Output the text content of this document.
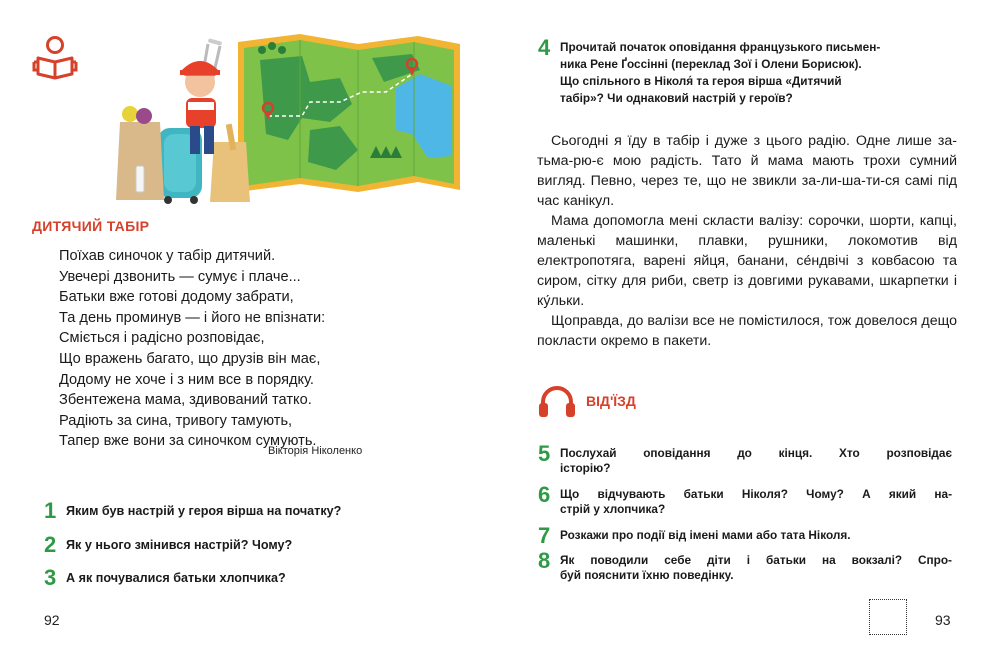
ДИТЯЧИЙ ТАБІР
Поїхав синочок у табір дитячий.
Увечері дзвонить — сумує і плаче...
Батьки вже готові додому забрати,
Та день проминув — і його не впізнати:
Сміється і радісно розповідає,
Що вражень багато, що друзів він має,
Додому не хоче і з ним все в порядку.
Збентежена мама, здивований татко.
Радіють за сина, тривогу тамують,
Тапер вже вони за синочком сумують.
Вікторія Ніколенко
1 Яким був настрій у героя вірша на початку?
2 Як у нього змінився настрій? Чому?
3 А як почувалися батьки хлопчика?
92
4 Прочитай початок оповідання французького письмен-
ника Рене Ґоссінні (переклад Зої і Олени Борисюк).
Що спільного в Ніколя́ та героя вірша «Дитячий
табір»? Чи однаковий настрій у героїв?

Сьогодні я їду в табір і дуже з цього радію. Одне лише за-тьма-рю-є мою радість. Тато й мама мають трохи сумний вигляд. Певно, через те, що не звикли за-ли-ша-ти-ся самі під час канікул.

Мама допомогла мені скласти валізу: сорочки, шорти, капці, маленькі машинки, плавки, рушники, локомотив від електропотяга, варені яйця, банани, се́ндвічі з ковбасою та сиром, сітку для риби, светр із довгими рукавами, шкарпетки і ку́льки.

Щоправда, до валізи все не помістилося, тож довелося дещо покласти окремо в пакети.

ВІД'ЇЗД
5 Послухай оповідання до кінця. Хто розповідає
історію?
6 Що відчувають батьки Ніколя? Чому? А який на-
стрій у хлопчика?
7 Розкажи про події від імені мами або тата Ніколя.
8 Як поводили себе діти і батьки на вокзалі? Спро-
буй пояснити їхню поведінку.
93
